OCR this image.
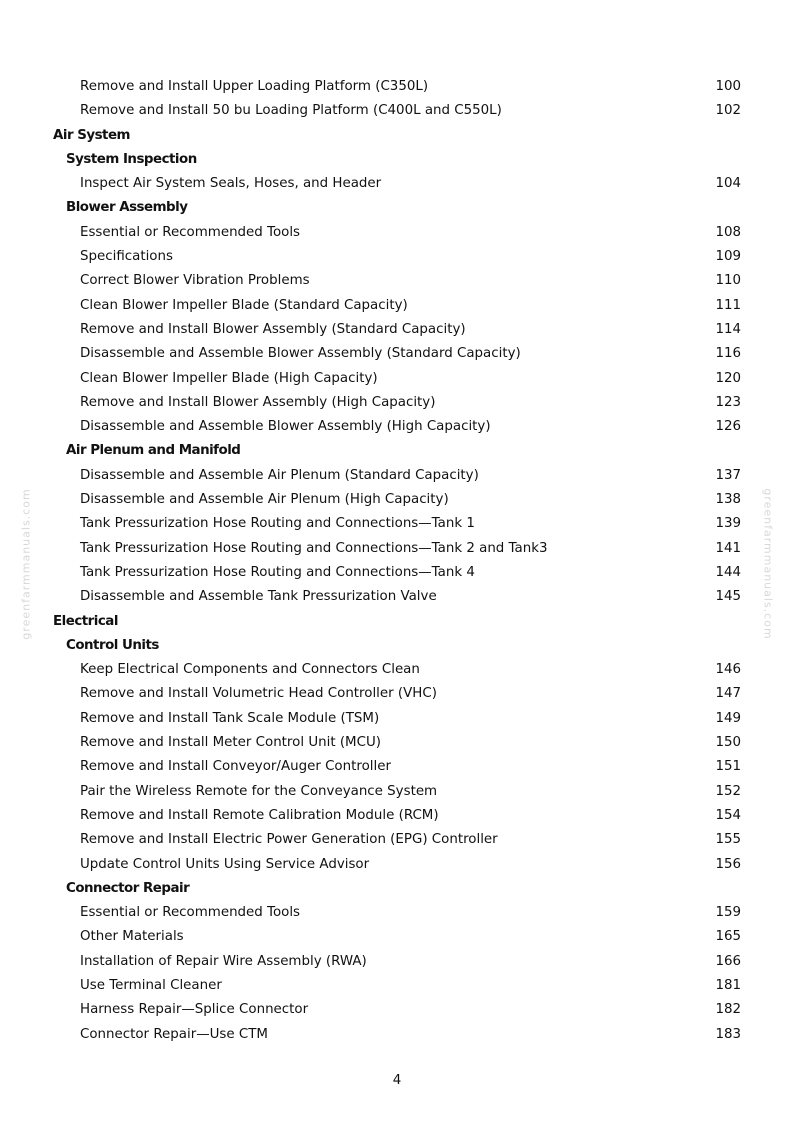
greenfarmmanuals.com	greenfarmmanuals.com
Remove and Install Upper Loading Platform (C350L)	100
Remove and Install 50 bu Loading Platform (C400L and C550L)	102
Air System
System Inspection
Inspect Air System Seals, Hoses, and Header	104
Blower Assembly
Essential or Recommended Tools	108
Specifications	109
Correct Blower Vibration Problems	110
Clean Blower Impeller Blade (Standard Capacity)	111
Remove and Install Blower Assembly (Standard Capacity)	114
Disassemble and Assemble Blower Assembly (Standard Capacity)	116
Clean Blower Impeller Blade (High Capacity)	120
Remove and Install Blower Assembly (High Capacity)	123
Disassemble and Assemble Blower Assembly (High Capacity)	126
Air Plenum and Manifold
Disassemble and Assemble Air Plenum (Standard Capacity)	137
Disassemble and Assemble Air Plenum (High Capacity)	138
Tank Pressurization Hose Routing and Connections—Tank 1	139
Tank Pressurization Hose Routing and Connections—Tank 2 and Tank3	141
Tank Pressurization Hose Routing and Connections—Tank 4	144
Disassemble and Assemble Tank Pressurization Valve	145
Electrical
Control Units
Keep Electrical Components and Connectors Clean	146
Remove and Install Volumetric Head Controller (VHC)	147
Remove and Install Tank Scale Module (TSM)	149
Remove and Install Meter Control Unit (MCU)	150
Remove and Install Conveyor/Auger Controller	151
Pair the Wireless Remote for the Conveyance System	152
Remove and Install Remote Calibration Module (RCM)	154
Remove and Install Electric Power Generation (EPG) Controller	155
Update Control Units Using Service Advisor	156
Connector Repair
Essential or Recommended Tools	159
Other Materials	165
Installation of Repair Wire Assembly (RWA)	166
Use Terminal Cleaner	181
Harness Repair—Splice Connector	182
Connector Repair—Use CTM	183
4
